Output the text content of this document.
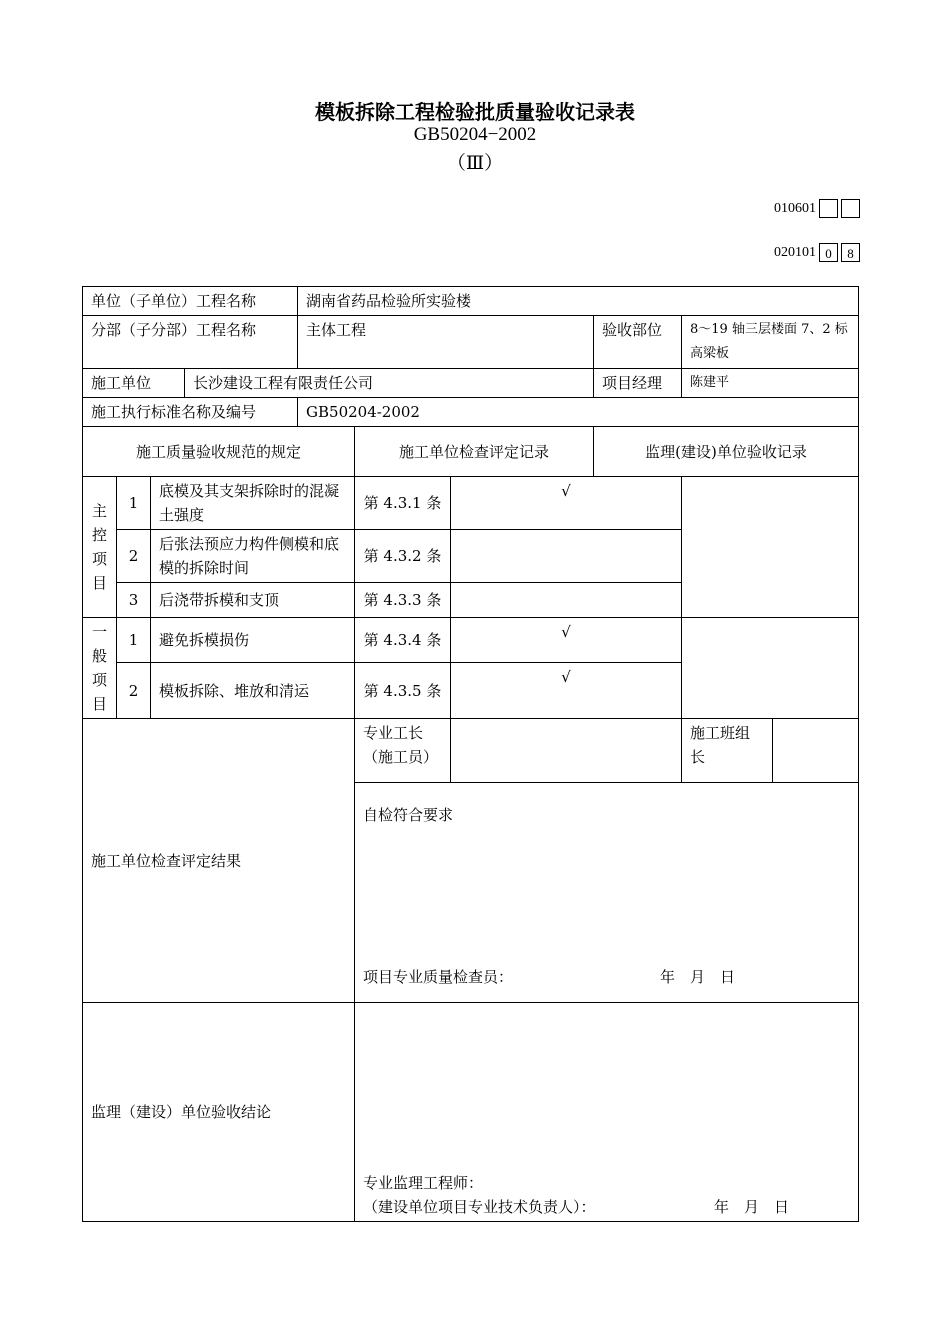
模板拆除工程检验批质量验收记录表
GB50204−2002
（Ⅲ）
010601
020101 0	8
单位（子单位）工程名称				湖南省药品检验所实验楼					
分部（子分部）工程名称				主体工程			验收部位	8～19 轴三层楼面 7、2 标高梁板	
施工单位			长沙建设工程有限责任公司				项目经理	陈建平	
施工执行标准名称及编号				GB50204-2002					
施工质量验收规范的规定					施工单位检查评定记录		监理(建设)单位验收记录		

主
控
项
目	1	底模及其支架拆除时的混凝土强度			第 4.3.1 条	√			
	2	后张法预应力构件侧模和底模的拆除时间			第 4.3.2 条				
	3	后浇带拆模和支顶			第 4.3.3 条				

一
般
项
目	1	避免拆模损伤			第 4.3.4 条	√			
	2	模板拆除、堆放和清运			第 4.3.5 条	√			
施工单位检查评定结果					专业工长（施工员）			施工班组长	

					自检符合要求
项目专业质量检查员： 年　月　日				

监理（建设）单位验收结论					专业监理工程师：
（建设单位项目专业技术负责人）： 年　月　日				
